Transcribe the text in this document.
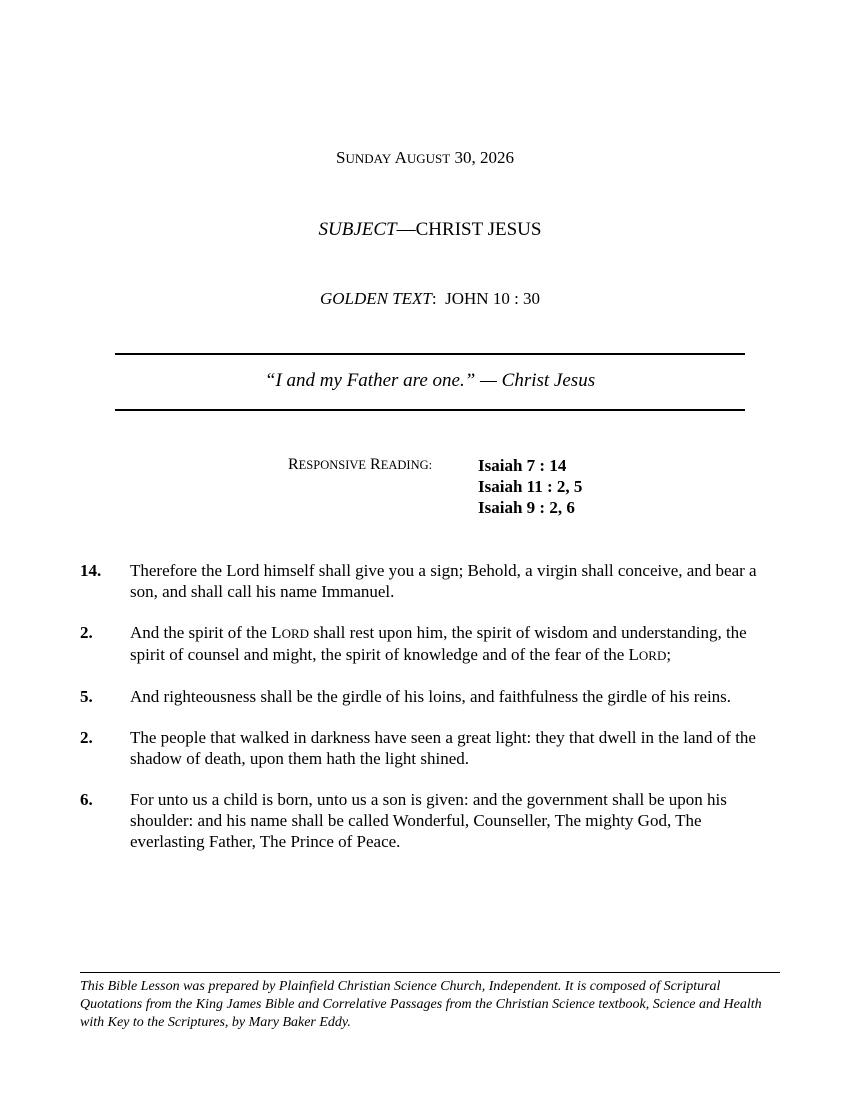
SUNDAY AUGUST 30, 2026
SUBJECT—CHRIST JESUS
GOLDEN TEXT:  JOHN 10 : 30
“I and my Father are one.” — Christ Jesus
RESPONSIVE READING:	Isaiah 7 : 14
Isaiah 11 : 2, 5
Isaiah 9 : 2, 6
14. Therefore the Lord himself shall give you a sign; Behold, a virgin shall conceive, and bear a son, and shall call his name Immanuel.
2. And the spirit of the LORD shall rest upon him, the spirit of wisdom and understanding, the spirit of counsel and might, the spirit of knowledge and of the fear of the LORD;
5. And righteousness shall be the girdle of his loins, and faithfulness the girdle of his reins.
2. The people that walked in darkness have seen a great light: they that dwell in the land of the shadow of death, upon them hath the light shined.
6. For unto us a child is born, unto us a son is given: and the government shall be upon his shoulder: and his name shall be called Wonderful, Counseller, The mighty God, The everlasting Father, The Prince of Peace.
This Bible Lesson was prepared by Plainfield Christian Science Church, Independent. It is composed of Scriptural Quotations from the King James Bible and Correlative Passages from the Christian Science textbook, Science and Health with Key to the Scriptures, by Mary Baker Eddy.
